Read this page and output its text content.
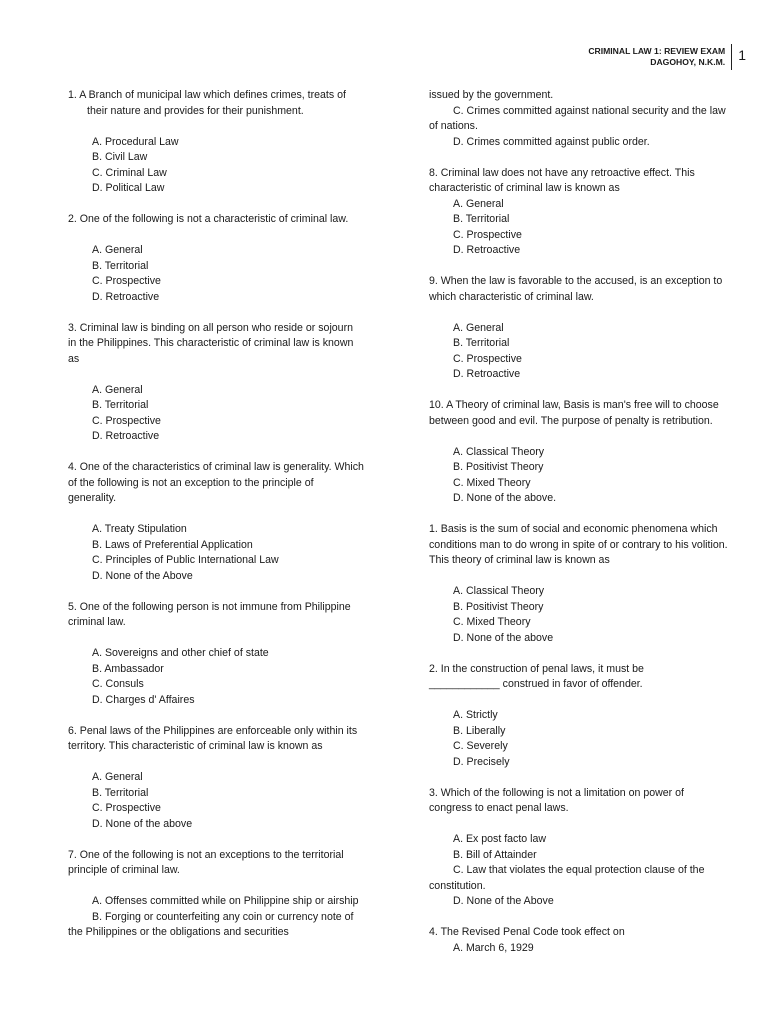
CRIMINAL LAW 1: REVIEW EXAM
DAGOHOY, N.K.M. 1

1. A Branch of municipal law which defines crimes, treats of their nature and provides for their punishment.

A. Procedural Law
B. Civil Law
C. Criminal Law
D. Political Law

2. One of the following is not a characteristic of criminal law.

A. General
B. Territorial
C. Prospective
D. Retroactive

3. Criminal law is binding on all person who reside or sojourn in the Philippines. This characteristic of criminal law is known as

A. General
B. Territorial
C. Prospective
D. Retroactive

4. One of the characteristics of criminal law is generality. Which of the following is not an exception to the principle of generality.

A. Treaty Stipulation
B. Laws of Preferential Application
C. Principles of Public International Law
D. None of the Above

5. One of the following person is not immune from Philippine criminal law.

A. Sovereigns and other chief of state
B. Ambassador
C. Consuls
D. Charges d' Affaires

6. Penal laws of the Philippines are enforceable only within its territory. This characteristic of criminal law is known as

A. General
B. Territorial
C. Prospective
D. None of the above

7. One of the following is not an exceptions to the territorial principle of criminal law.

A. Offenses committed while on Philippine ship or airship

B. Forging or counterfeiting any coin or currency note of the Philippines or the obligations and securities

issued by the government.

C. Crimes committed against national security and the law of nations.

D. Crimes committed against public order.

8. Criminal law does not have any retroactive effect. This characteristic of criminal law is known as

A. General
B. Territorial
C. Prospective
D. Retroactive

9. When the law is favorable to the accused, is an exception to which characteristic of criminal law.

A. General
B. Territorial
C. Prospective
D. Retroactive

10. A Theory of criminal law, Basis is man's free will to choose between good and evil. The purpose of penalty is retribution.

A. Classical Theory
B. Positivist Theory
C. Mixed Theory
D. None of the above.

1. Basis is the sum of social and economic phenomena which conditions man to do wrong in spite of or contrary to his volition. This theory of criminal law is known as

A. Classical Theory
B. Positivist Theory
C. Mixed Theory
D. None of the above

2. In the construction of penal laws, it must be
____________ construed in favor of offender.

A. Strictly
B. Liberally
C. Severely
D. Precisely

3. Which of the following is not a limitation on power of congress to enact penal laws.

A. Ex post facto law

B. Bill of Attainder

C. Law that violates the equal protection clause of the constitution.

D. None of the Above

4. The Revised Penal Code took effect on

A. March 6, 1929
